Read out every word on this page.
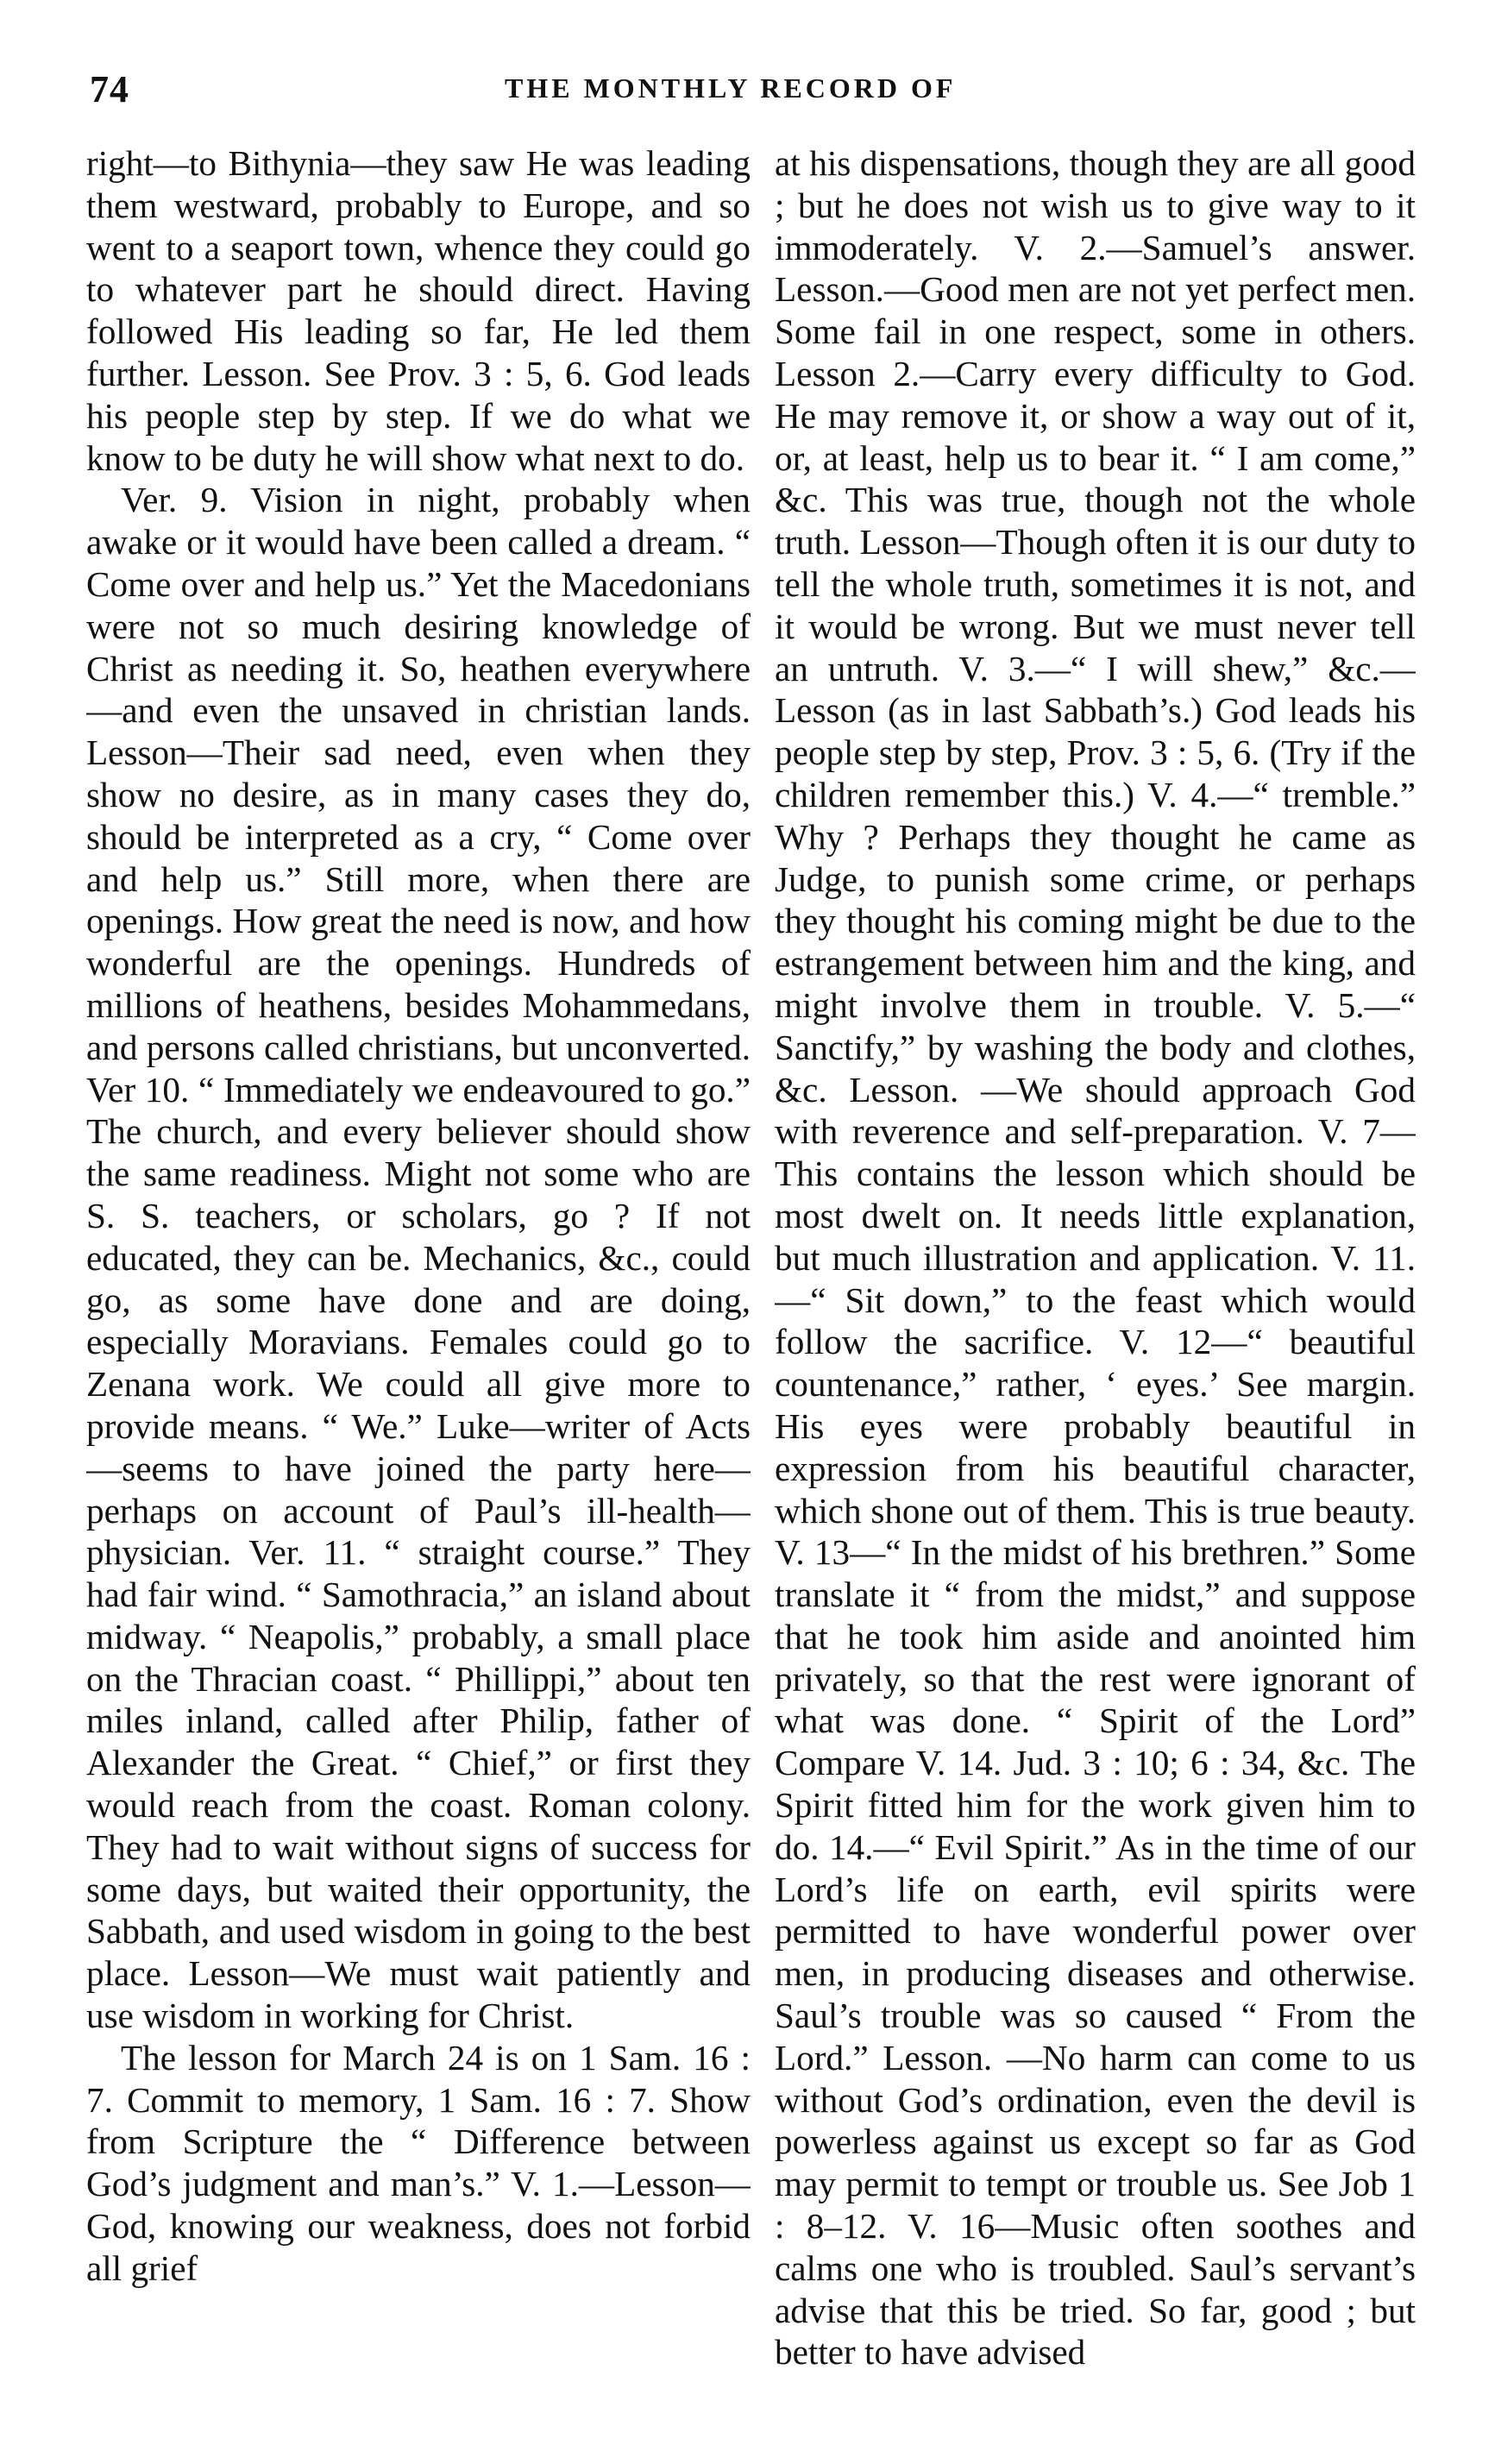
74	THE MONTHLY RECORD OF

right—to Bithynia—they saw He was leading them westward, probably to Europe, and so went to a seaport town, whence they could go to whatever part he should direct. Having followed His leading so far, He led them further. Lesson. See Prov. 3 : 5, 6. God leads his people step by step. If we do what we know to be duty he will show what next to do.

Ver. 9. Vision in night, probably when awake or it would have been called a dream. “ Come over and help us.” Yet the Macedonians were not so much desiring knowledge of Christ as needing it. So, heathen everywhere—and even the unsaved in christian lands. Lesson—Their sad need, even when they show no desire, as in many cases they do, should be interpreted as a cry, “ Come over and help us.” Still more, when there are openings. How great the need is now, and how wonderful are the openings. Hundreds of millions of heathens, besides Mohammedans, and persons called christians, but unconverted. Ver 10. “ Immediately we endeavoured to go.” The church, and every believer should show the same readiness. Might not some who are S. S. teachers, or scholars, go ? If not educated, they can be. Mechanics, &c., could go, as some have done and are doing, especially Moravians. Females could go to Zenana work. We could all give more to provide means. “ We.” Luke—writer of Acts—seems to have joined the party here—perhaps on account of Paul’s ill-health—physician. Ver. 11. “ straight course.” They had fair wind. “ Samothracia,” an island about midway. “ Neapolis,” probably, a small place on the Thracian coast. “ Phillippi,” about ten miles inland, called after Philip, father of Alexander the Great. “ Chief,” or first they would reach from the coast. Roman colony. They had to wait without signs of success for some days, but waited their opportunity, the Sabbath, and used wisdom in going to the best place. Lesson—We must wait patiently and use wisdom in working for Christ.

The lesson for March 24 is on 1 Sam. 16 : 7. Commit to memory, 1 Sam. 16 : 7. Show from Scripture the “ Difference between God’s judgment and man’s.” V. 1.—Lesson—God, knowing our weakness, does not forbid all grief

at his dispensations, though they are all good ; but he does not wish us to give way to it immoderately. V. 2.—Samuel’s answer. Lesson.—Good men are not yet perfect men. Some fail in one respect, some in others. Lesson 2.—Carry every difficulty to God. He may remove it, or show a way out of it, or, at least, help us to bear it. “ I am come,” &c. This was true, though not the whole truth. Lesson—Though often it is our duty to tell the whole truth, sometimes it is not, and it would be wrong. But we must never tell an untruth. V. 3.—“ I will shew,” &c.—Lesson (as in last Sabbath’s.) God leads his people step by step, Prov. 3 : 5, 6. (Try if the children remember this.) V. 4.—“ tremble.” Why ? Perhaps they thought he came as Judge, to punish some crime, or perhaps they thought his coming might be due to the estrangement between him and the king, and might involve them in trouble. V. 5.—“ Sanctify,” by washing the body and clothes, &c. Lesson. —We should approach God with reverence and self-preparation. V. 7—This contains the lesson which should be most dwelt on. It needs little explanation, but much illustration and application. V. 11.—“ Sit down,” to the feast which would follow the sacrifice. V. 12—“ beautiful countenance,” rather, ‘ eyes.’ See margin. His eyes were probably beautiful in expression from his beautiful character, which shone out of them. This is true beauty. V. 13—“ In the midst of his brethren.” Some translate it “ from the midst,” and suppose that he took him aside and anointed him privately, so that the rest were ignorant of what was done. “ Spirit of the Lord” Compare V. 14. Jud. 3 : 10; 6 : 34, &c. The Spirit fitted him for the work given him to do. 14.—“ Evil Spirit.” As in the time of our Lord’s life on earth, evil spirits were permitted to have wonderful power over men, in producing diseases and otherwise. Saul’s trouble was so caused “ From the Lord.” Lesson. —No harm can come to us without God’s ordination, even the devil is powerless against us except so far as God may permit to tempt or trouble us. See Job 1 : 8–12. V. 16—Music often soothes and calms one who is troubled. Saul’s servant’s advise that this be tried. So far, good ; but better to have advised
